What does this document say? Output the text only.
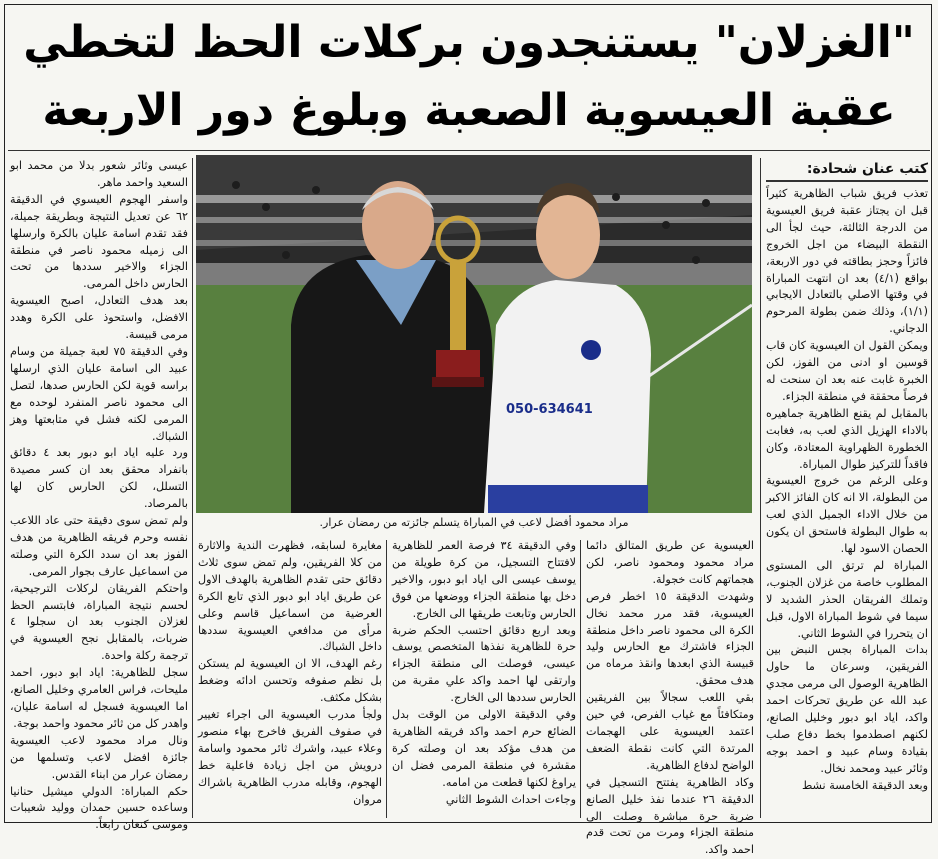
"الغزلان" يستنجدون بركلات الحظ لتخطي
عقبة العيسوية الصعبة وبلوغ دور الاربعة
كتب عنان شحادة:

تعذب فريق شباب الظاهرية كثيراً قبل ان يجتاز عقبة فريق العيسوية من الدرجة الثالثة، حيث لجأ الى النقطة البيضاء من اجل الخروج فائزاً وحجز بطاقته في دور الاربعة، بواقع (٤/١) بعد ان انتهت المباراة في وقتها الاصلي بالتعادل الايجابي (١/١)، وذلك ضمن بطولة المرحوم الدجاني.

ويمكن القول ان العيسوية كان قاب قوسين او ادنى من الفوز، لكن الخبرة غابت عنه بعد ان سنحت له فرصاً محققة في منطقة الجزاء.

بالمقابل لم يقنع الظاهرية جماهيره بالاداء الهزيل الذي لعب به، فغابت الخطورة الظهراوية المعتادة، وكان فاقداً للتركيز طوال المباراة.

وعلى الرغم من خروج العيسوية من البطولة، الا انه كان الفائز الاكبر من خلال الاداء الجميل الذي لعب به طوال البطولة فاستحق ان يكون الحصان الاسود لها.

المباراة لم ترتق الى المستوى المطلوب خاصة من غزلان الجنوب، وتملك الفريقان الحذر الشديد لا سيما في شوط المباراة الاول، قبل ان يتحررا في الشوط الثاني.

بدات المباراة بجس النبض بين الفريقين، وسرعان ما حاول الظاهرية الوصول الى مرمى مجدي عبد الله عن طريق تحركات احمد واكد، اياد ابو دبور وخليل الصانع، لكنهم اصطدموا بخط دفاع صلب بقيادة وسام عبيد و احمد بوجه وثائر عبيد ومحمد نخال.

وبعد الدقيقة الخامسة نشط

050-634641
مراد محمود أفضل لاعب في المباراة يتسلم جائزته من رمضان عرار.

عيسى وثائر شعور بدلا من محمد ابو السعيد واحمد ماهر.

واسفر الهجوم العيسوي في الدقيقة ٦٢ عن تعديل النتيجة وبطريقة جميلة، فقد تقدم اسامة عليان بالكرة وارسلها الى زميله محمود ناصر في منطقة الجزاء والاخير سددها من تحت الحارس داخل المرمى.

بعد هدف التعادل، اصبح العيسوية الافضل، واستحوذ على الكرة وهدد مرمى قبيسة.

وفي الدقيقة ٧٥ لعبة جميلة من وسام عبيد الى اسامة عليان الذي ارسلها براسه قوية لكن الحارس صدها، لتصل الى محمود ناصر المنفرد لوحده مع المرمى لكنه فشل في متابعتها وهز الشباك.

ورد عليه اياد ابو دبور بعد ٤ دقائق بانفراد محقق بعد ان كسر مصيدة التسلل، لكن الحارس كان لها بالمرصاد.

ولم تمض سوى دقيقة حتى عاد اللاعب نفسه وحرم فريقه الظاهرية من هدف الفوز بعد ان سدد الكرة التي وصلته من اسماعيل عارف بجوار المرمى.

واحتكم الفريقان لركلات الترجيحية، لحسم نتيجة المباراة، فابتسم الحظ لغزلان الجنوب بعد ان سجلوا ٤ ضربات، بالمقابل نجح العيسوية في ترجمة ركلة واحدة.

سجل للظاهرية: اياد ابو دبور، احمد مليحات، فراس العامري وخليل الصانع، اما العيسوية فسجل له اسامة عليان، واهدر كل من ثائر محمود واحمد بوجة.

ونال مراد محمود لاعب العيسوية جائزة افضل لاعب وتسلمها من رمضان عرار من ابناء القدس.

حكم المباراة: الدولي ميشيل حنانيا وساعده حسين حمدان ووليد شعيبات وموسى كنعان رابعاً.

العيسوية عن طريق المتالق دائما مراد محمود ومحمود ناصر، لكن هجماتهم كانت خجولة.

وشهدت الدقيقة ١٥ اخطر فرص العيسوية، فقد مرر محمد نخال الكرة الى محمود ناصر داخل منطقة الجزاء فاشترك مع الحارس وليد قبيسة الذي ابعدها وانقذ مرماه من هدف محقق.

بقي اللعب سجالاً بين الفريقين ومتكافئاً مع غياب الفرص، في حين اعتمد العيسوية على الهجمات المرتدة التي كانت نقطة الضعف الواضح لدفاع الظاهرية.

وكاد الظاهرية يفتتح التسجيل في الدقيقة ٢٦ عندما نفذ خليل الصانع ضربة حرة مباشرة وصلت الى منطقة الجزاء ومرت من تحت قدم احمد واكد.

وفي الدقيقة ٣٤ فرصة العمر للظاهرية لافتتاح التسجيل، من كرة طويلة من يوسف عيسى الى اياد ابو دبور، والاخير دخل بها منطقة الجزاء ووضعها من فوق الحارس وتابعت طريقها الى الخارج.

وبعد اربع دقائق احتسب الحكم ضربة حرة للظاهرية نفذها المتخصص يوسف عيسى، فوصلت الى منطقة الجزاء وارتقى لها احمد واكد علي مقربة من الحارس سددها الى الخارج.

وفي الدقيقة الاولى من الوقت بدل الضائع حرم احمد واكد فريقه الظاهرية من هدف مؤكد بعد ان وصلته كرة مقشرة في منطقة المرمى فضل ان يراوغ لكنها قطعت من امامه.

وجاءت احداث الشوط الثاني

مغايرة لسابقه، فظهرت الندية والاثارة من كلا الفريقين، ولم تمض سوى ثلاث دقائق حتى تقدم الظاهرية بالهدف الاول عن طريق اياد ابو دبور الذي تابع الكرة العرضية من اسماعيل قاسم وعلى مرأى من مدافعي العيسوية سددها داخل الشباك.

رغم الهدف، الا ان العيسوية لم يستكن بل نظم صفوفه وتحسن ادائه وضغط بشكل مكثف.

ولجأ مدرب العيسوية الى اجراء تغيير في صفوف الفريق فاخرج بهاء منصور وعلاء عبيد، واشرك ثائر محمود واسامة درويش من اجل زيادة فاعلية خط الهجوم، وقابله مدرب الظاهرية باشراك مروان
